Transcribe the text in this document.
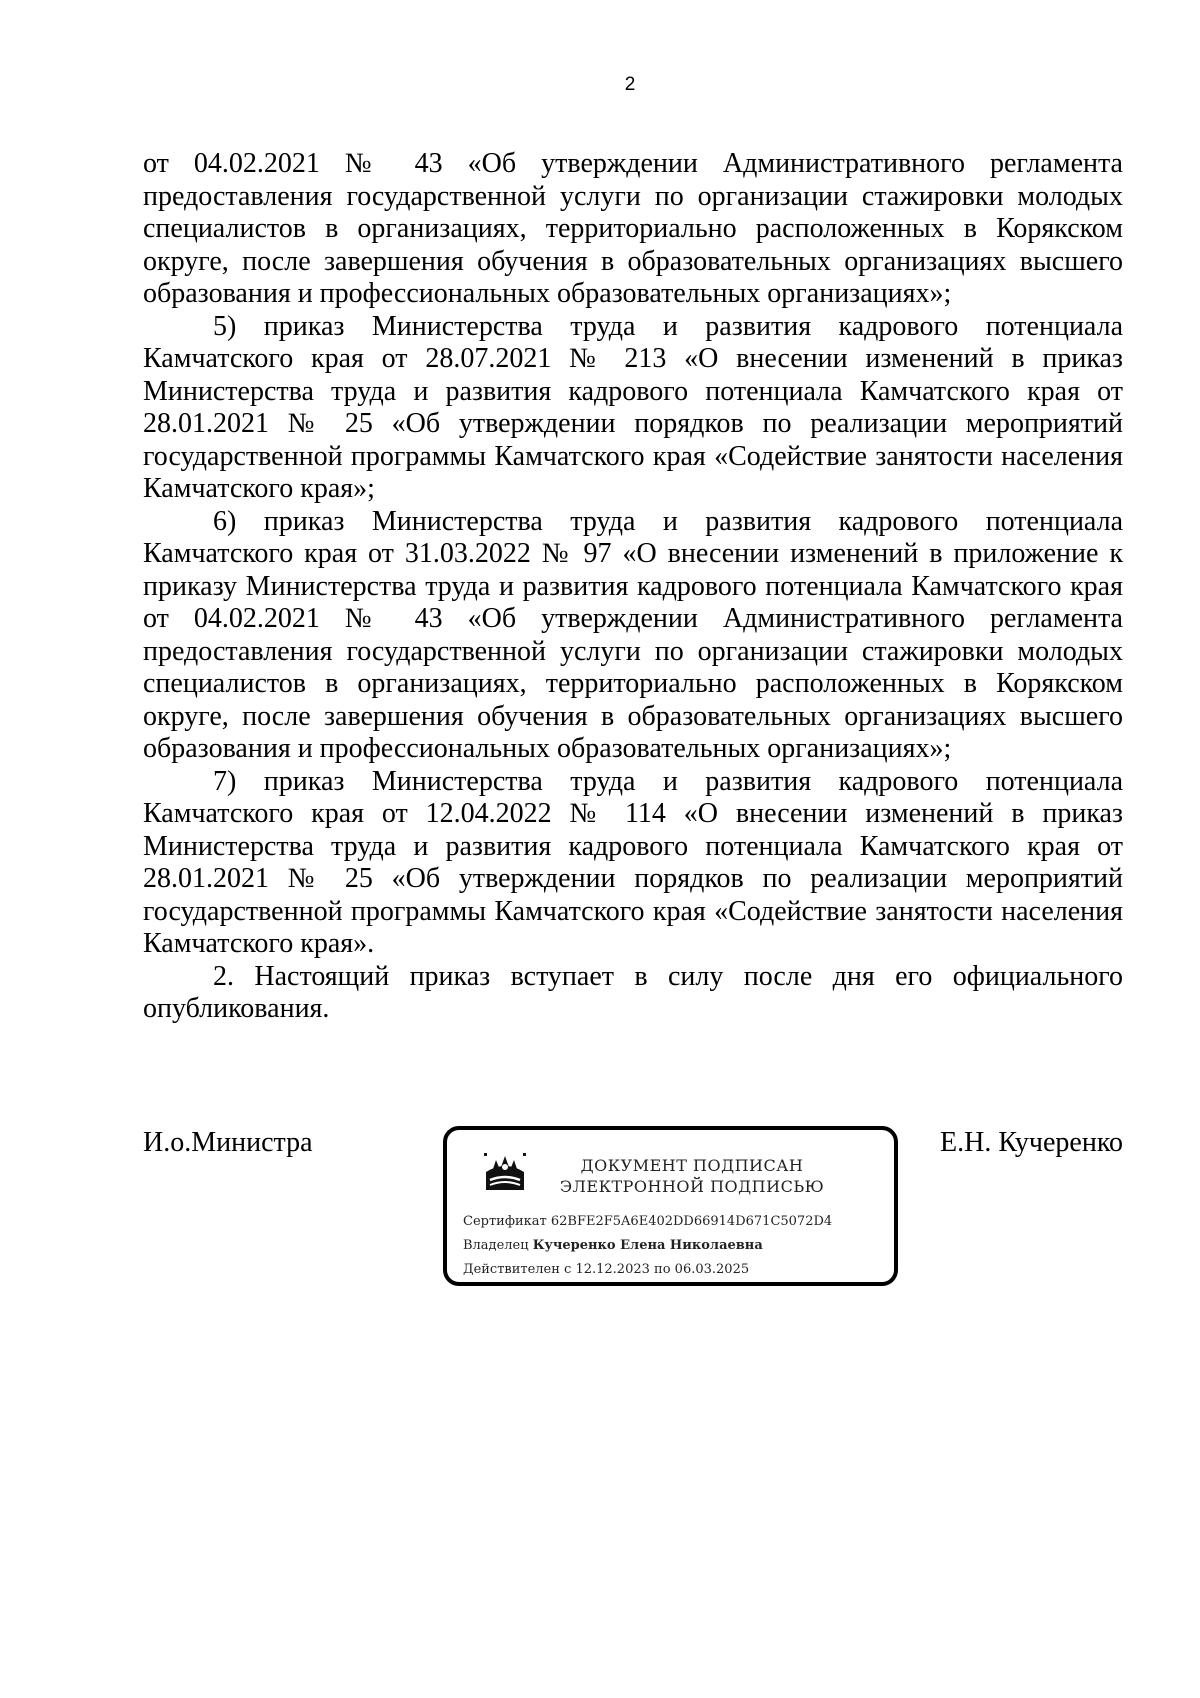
2

от 04.02.2021 № 43 «Об утверждении Административного регламента предоставления государственной услуги по организации стажировки молодых специалистов в организациях, территориально расположенных в Корякском округе, после завершения обучения в образовательных организациях высшего образования и профессиональных образовательных организациях»;

5) приказ Министерства труда и развития кадрового потенциала Камчатского края от 28.07.2021 № 213 «О внесении изменений в приказ Министерства труда и развития кадрового потенциала Камчатского края от 28.01.2021 № 25 «Об утверждении порядков по реализации мероприятий государственной программы Камчатского края «Содействие занятости населения Камчатского края»;

6) приказ Министерства труда и развития кадрового потенциала Камчатского края от 31.03.2022 № 97 «О внесении изменений в приложение к приказу Министерства труда и развития кадрового потенциала Камчатского края от 04.02.2021 № 43 «Об утверждении Административного регламента предоставления государственной услуги по организации стажировки молодых специалистов в организациях, территориально расположенных в Корякском округе, после завершения обучения в образовательных организациях высшего образования и профессиональных образовательных организациях»;

7) приказ Министерства труда и развития кадрового потенциала Камчатского края от 12.04.2022 № 114 «О внесении изменений в приказ Министерства труда и развития кадрового потенциала Камчатского края от 28.01.2021 № 25 «Об утверждении порядков по реализации мероприятий государственной программы Камчатского края «Содействие занятости населения Камчатского края».

2. Настоящий приказ вступает в силу после дня его официального опубликования.

И.о.Министра
ДОКУМЕНТ ПОДПИСАН
ЭЛЕКТРОННОЙ ПОДПИСЬЮ
Сертификат 62BFE2F5A6E402DD66914D671C5072D4
Владелец Кучеренко Елена Николаевна
Действителен с 12.12.2023 по 06.03.2025
Е.Н. Кучеренко
